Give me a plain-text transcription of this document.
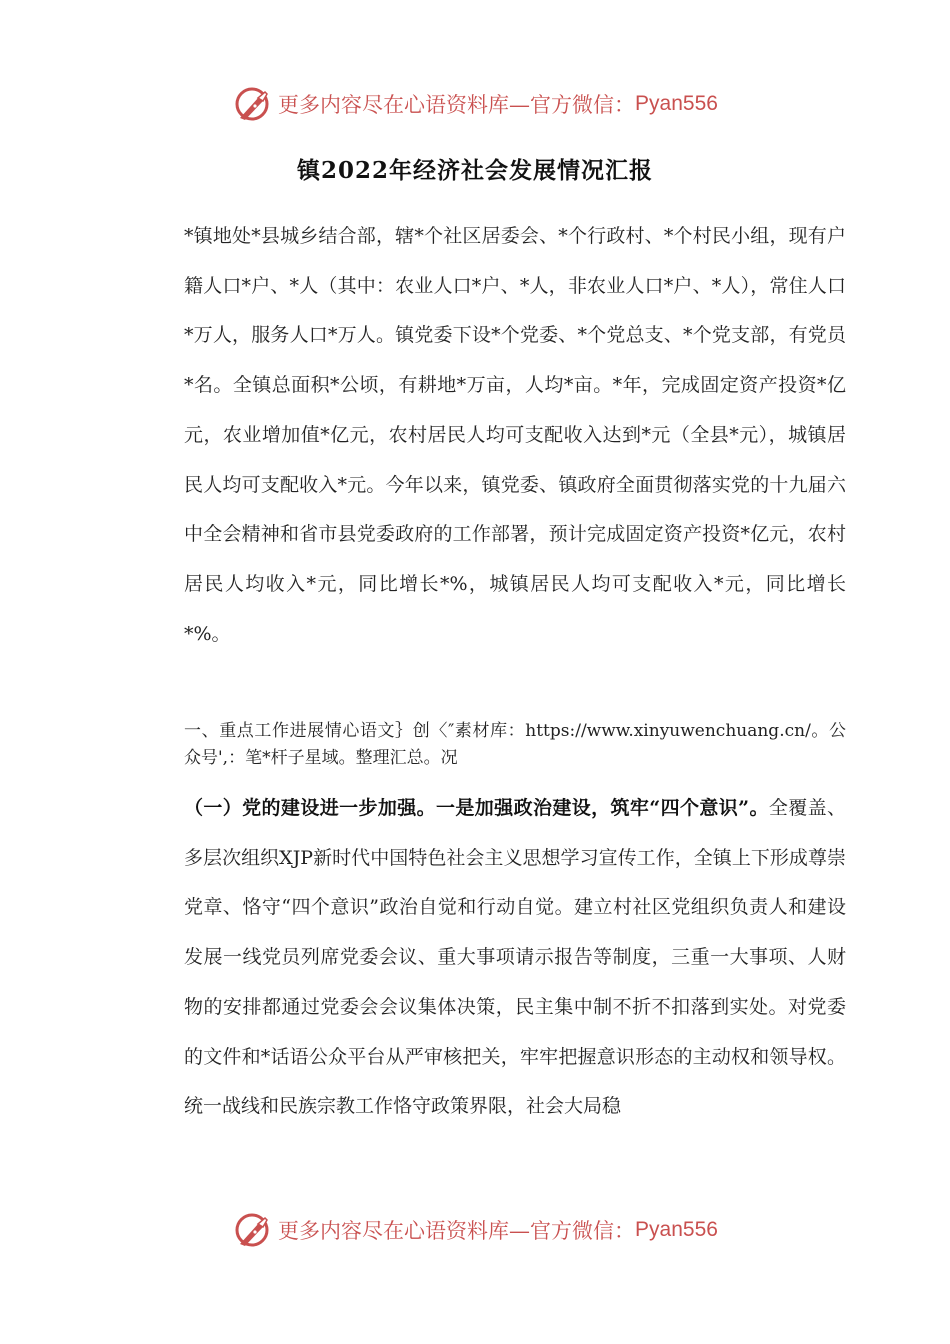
更多内容尽在心语资料库—官方微信： Pyan556
镇2022年经济社会发展情况汇报
*镇地处*县城乡结合部，辖*个社区居委会、*个行政村、*个村民小组，现有户籍人口*户、*人（其中：农业人口*户、*人，非农业人口*户、*人），常住人口*万人，服务人口*万人。镇党委下设*个党委、*个党总支、*个党支部，有党员*名。全镇总面积*公顷，有耕地*万亩，人均*亩。*年，完成固定资产投资*亿元，农业增加值*亿元，农村居民人均可支配收入达到*元（全县*元），城镇居民人均可支配收入*元。今年以来，镇党委、镇政府全面贯彻落实党的十九届六中全会精神和省市县党委政府的工作部署，预计完成固定资产投资*亿元，农村居民人均收入*元，同比增长*%，城镇居民人均可支配收入*元，同比增长*%。
一、重点工作进展情心语文｝创〈″素材库：https://www.xinyuwenchuang.cn/。公众号',：笔*杆子星域。整理汇总。况
（一）党的建设进一步加强。一是加强政治建设，筑牢“四个意识”。全覆盖、多层次组织XJP新时代中国特色社会主义思想学习宣传工作，全镇上下形成尊崇党章、恪守“四个意识”政治自觉和行动自觉。建立村社区党组织负责人和建设发展一线党员列席党委会议、重大事项请示报告等制度，三重一大事项、人财物的安排都通过党委会会议集体决策，民主集中制不折不扣落到实处。对党委的文件和*话语公众平台从严审核把关，牢牢把握意识形态的主动权和领导权。统一战线和民族宗教工作恪守政策界限，社会大局稳
更多内容尽在心语资料库—官方微信： Pyan556
